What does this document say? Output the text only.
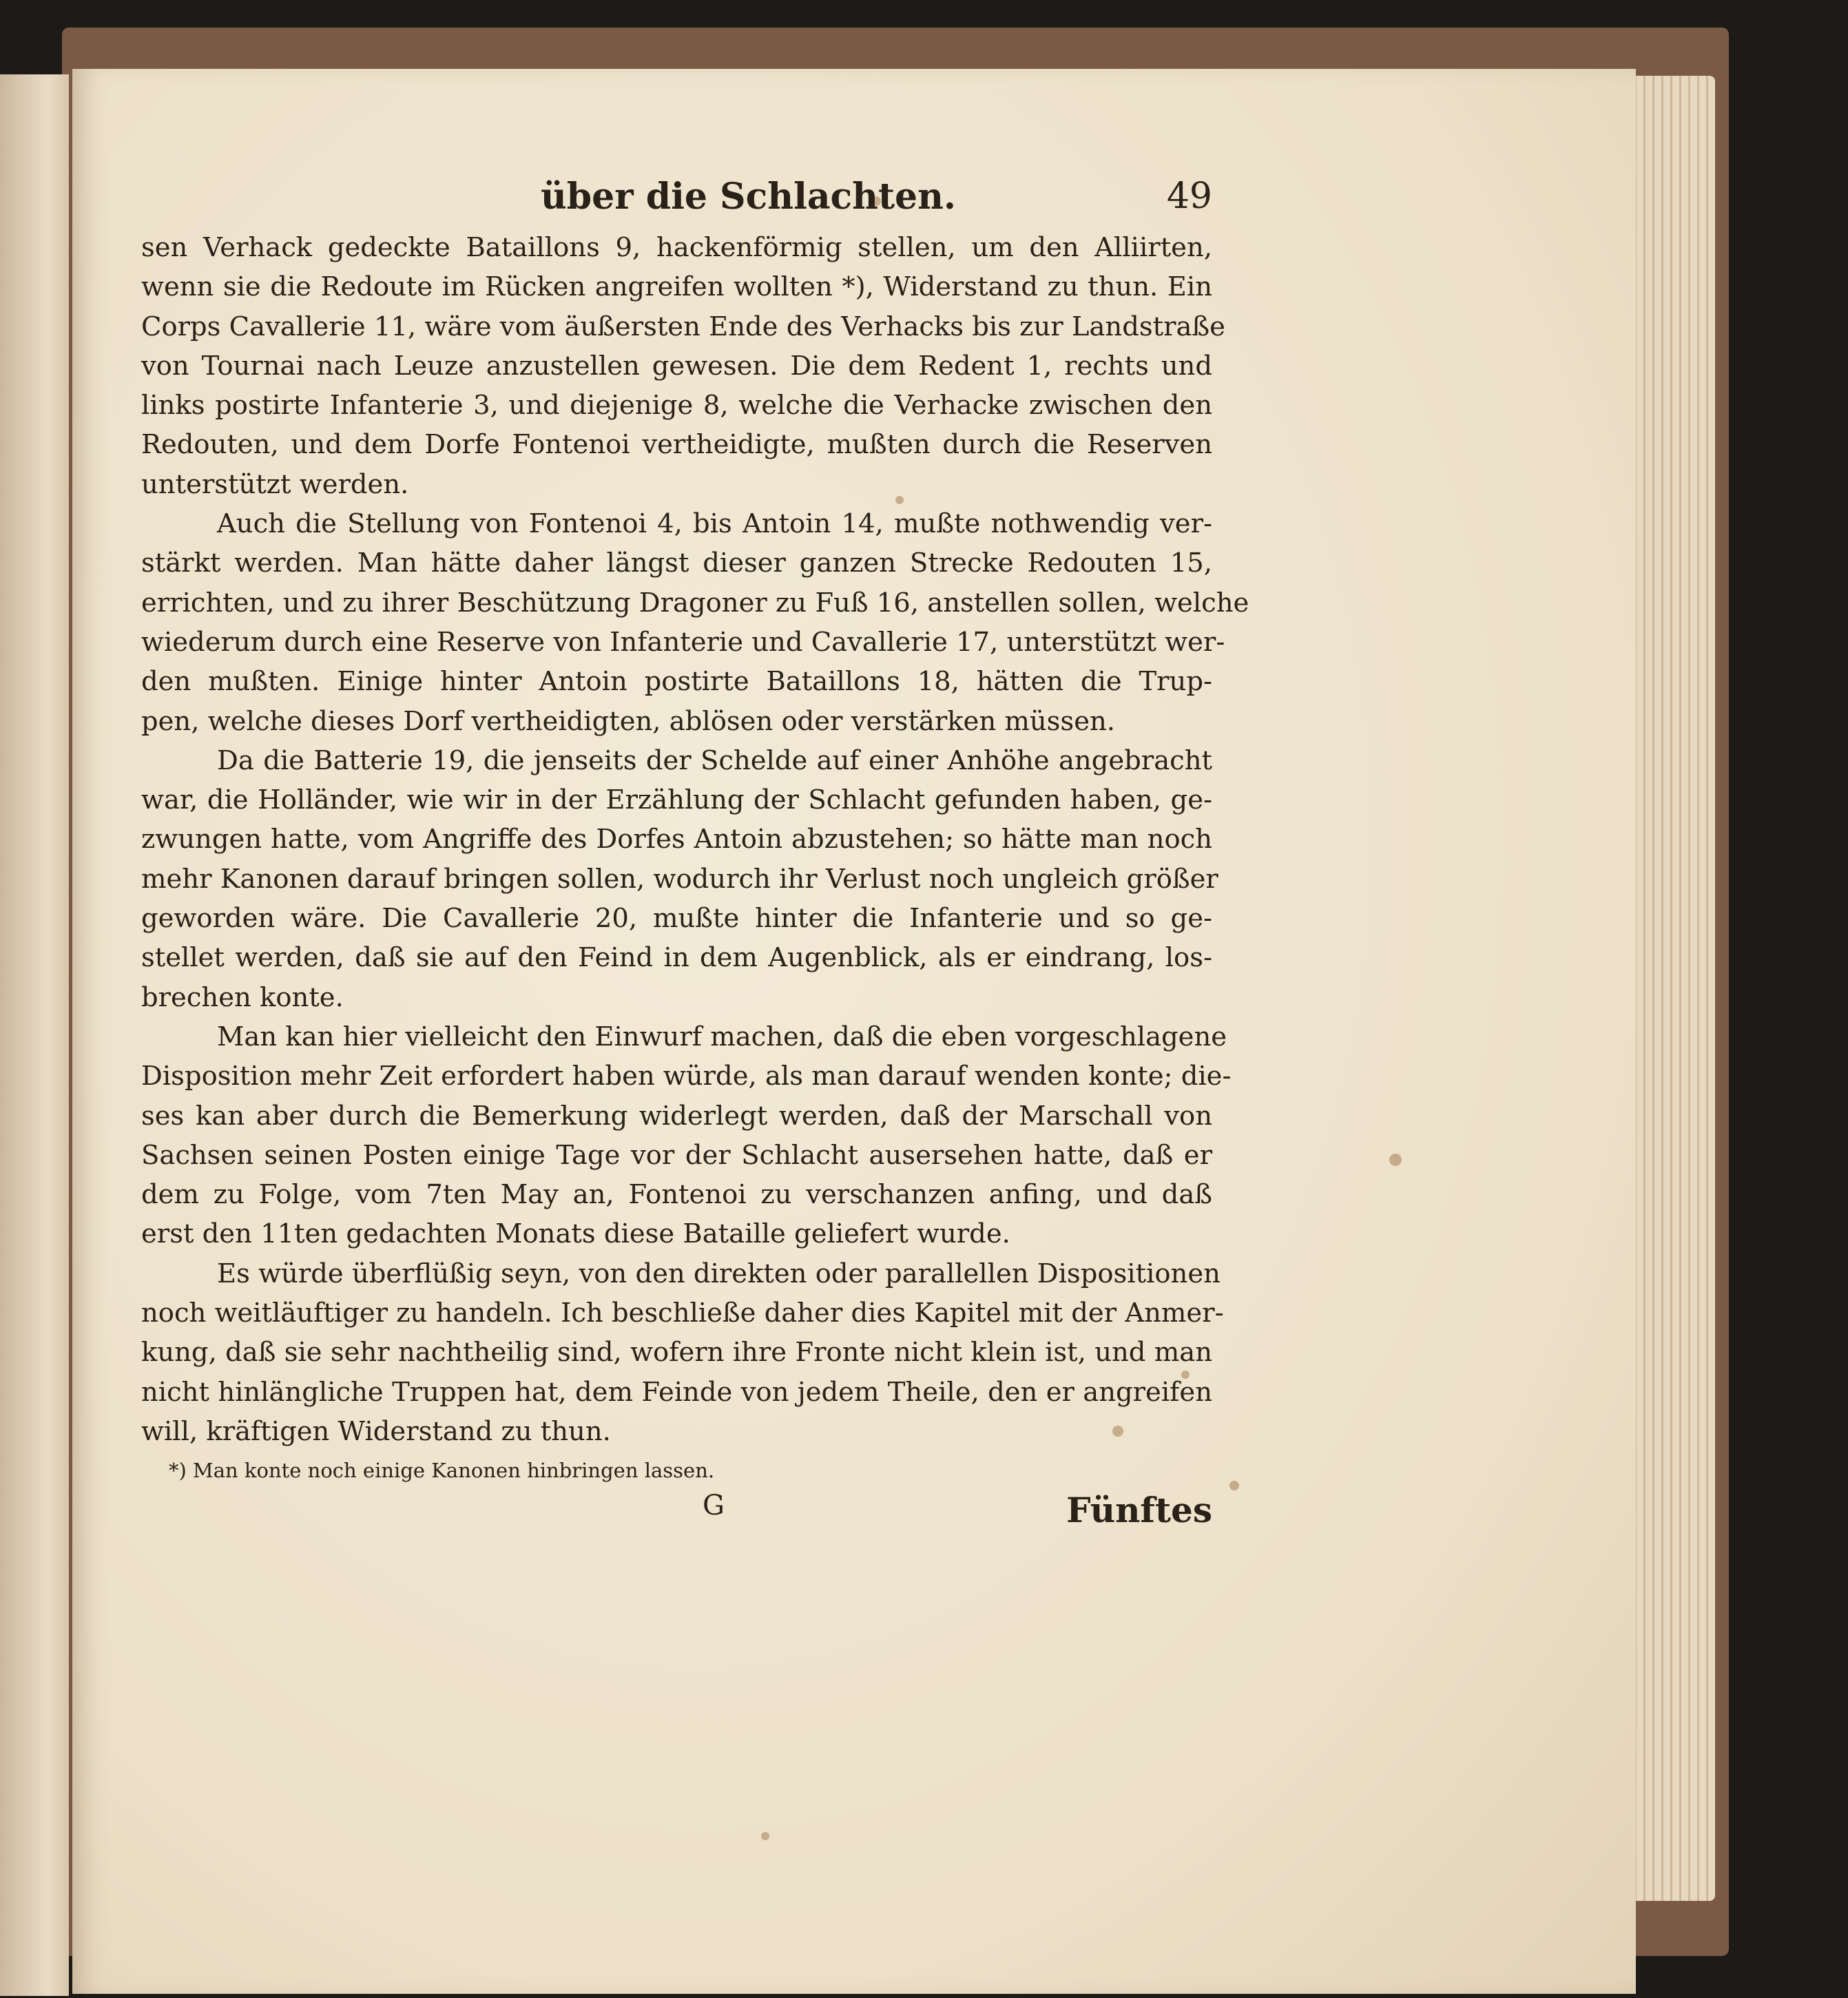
über die Schlachten.	49

sen Verhack gedeckte Bataillons 9, hackenförmig stellen, um den Alliirten,
wenn sie die Redoute im Rücken angreifen wollten *), Widerstand zu thun. Ein
Corps Cavallerie 11, wäre vom äußersten Ende des Verhacks bis zur Landstraße
von Tournai nach Leuze anzustellen gewesen. Die dem Redent 1, rechts und
links postirte Infanterie 3, und diejenige 8, welche die Verhacke zwischen den
Redouten, und dem Dorfe Fontenoi vertheidigte, mußten durch die Reserven
unterstützt werden.

Auch die Stellung von Fontenoi 4, bis Antoin 14, mußte nothwendig ver-
stärkt werden. Man hätte daher längst dieser ganzen Strecke Redouten 15,
errichten, und zu ihrer Beschützung Dragoner zu Fuß 16, anstellen sollen, welche
wiederum durch eine Reserve von Infanterie und Cavallerie 17, unterstützt wer-
den mußten. Einige hinter Antoin postirte Bataillons 18, hätten die Trup-
pen, welche dieses Dorf vertheidigten, ablösen oder verstärken müssen.

Da die Batterie 19, die jenseits der Schelde auf einer Anhöhe angebracht
war, die Holländer, wie wir in der Erzählung der Schlacht gefunden haben, ge-
zwungen hatte, vom Angriffe des Dorfes Antoin abzustehen; so hätte man noch
mehr Kanonen darauf bringen sollen, wodurch ihr Verlust noch ungleich größer
geworden wäre. Die Cavallerie 20, mußte hinter die Infanterie und so ge-
stellet werden, daß sie auf den Feind in dem Augenblick, als er eindrang, los-
brechen konte.

Man kan hier vielleicht den Einwurf machen, daß die eben vorgeschlagene
Disposition mehr Zeit erfordert haben würde, als man darauf wenden konte; die-
ses kan aber durch die Bemerkung widerlegt werden, daß der Marschall von
Sachsen seinen Posten einige Tage vor der Schlacht ausersehen hatte, daß er
dem zu Folge, vom 7ten May an, Fontenoi zu verschanzen anfing, und daß
erst den 11ten gedachten Monats diese Bataille geliefert wurde.

Es würde überflüßig seyn, von den direkten oder parallellen Dispositionen
noch weitläuftiger zu handeln. Ich beschließe daher dies Kapitel mit der Anmer-
kung, daß sie sehr nachtheilig sind, wofern ihre Fronte nicht klein ist, und man
nicht hinlängliche Truppen hat, dem Feinde von jedem Theile, den er angreifen
will, kräftigen Widerstand zu thun.

*) Man konte noch einige Kanonen hinbringen lassen.

G	Fünftes
